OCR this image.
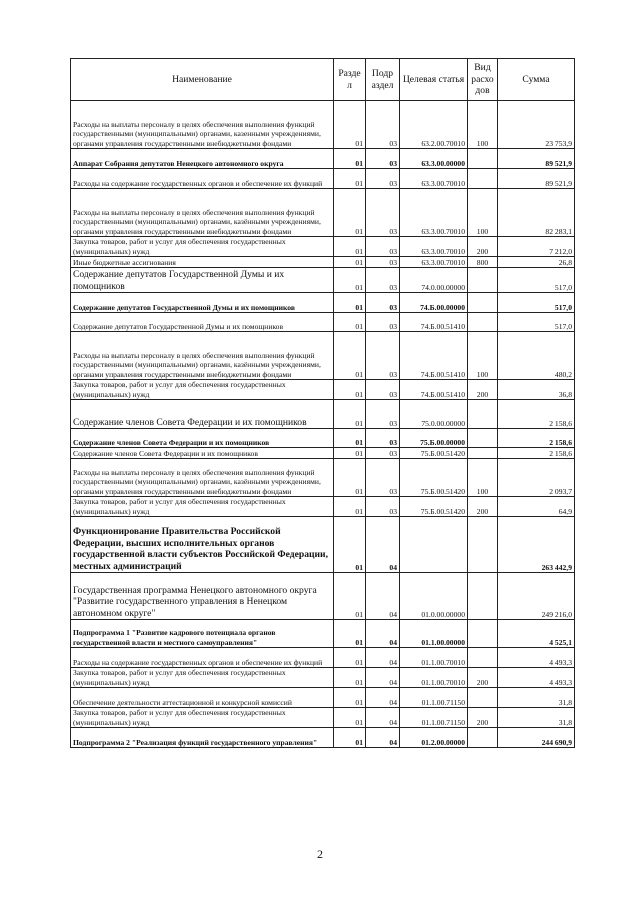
Наименование	Разде л	Подр аздел	Целевая статья	Вид расхо дов	Сумма
Расходы на выплаты персоналу в целях обеспечения выполнения функций государственными (муниципальными) органами, казенными учреждениями, органами управления государственными внебюджетными фондами	01	03	63.2.00.70010	100	23 753,9
Аппарат Собрания депутатов Ненецкого автономного округа	01	03	63.3.00.00000		89 521,9
Расходы на содержание государственных органов и обеспечение их функций	01	03	63.3.00.70010		89 521,9
Расходы на выплаты персоналу в целях обеспечения выполнения функций государственными (муниципальными) органами, казёнными учреждениями, органами управления государственными внебюджетными фондами	01	03	63.3.00.70010	100	82 283,1
Закупка товаров, работ и услуг для обеспечения государственных (муниципальных) нужд	01	03	63.3.00.70010	200	7 212,0
Иные бюджетные ассигнования	01	03	63.3.00.70010	800	26,8
Содержание депутатов Государственной Думы и их помощников	01	03	74.0.00.00000		517,0
Содержание депутатов Государственной Думы и их помощников	01	03	74.Б.00.00000		517,0
Содержание депутатов Государственной Думы и их помощников	01	03	74.Б.00.51410		517,0
Расходы на выплаты персоналу в целях обеспечения выполнения функций государственными (муниципальными) органами, казёнными учреждениями, органами управления государственными внебюджетными фондами	01	03	74.Б.00.51410	100	480,2
Закупка товаров, работ и услуг для обеспечения государственных (муниципальных) нужд	01	03	74.Б.00.51410	200	36,8
Содержание членов Совета Федерации и их помощников	01	03	75.0.00.00000		2 158,6
Содержание членов Совета Федерации и их помощников	01	03	75.Б.00.00000		2 158,6
Содержание членов Совета Федерации и их помощников	01	03	75.Б.00.51420		2 158,6
Расходы на выплаты персоналу в целях обеспечения выполнения функций государственными (муниципальными) органами, казёнными учреждениями, органами управления государственными внебюджетными фондами	01	03	75.Б.00.51420	100	2 093,7
Закупка товаров, работ и услуг для обеспечения государственных (муниципальных) нужд	01	03	75.Б.00.51420	200	64,9
Функционирование Правительства Российской Федерации, высших исполнительных органов государственной власти субъектов Российской Федерации, местных администраций	01	04			263 442,9
Государственная программа Ненецкого автономного округа "Развитие государственного управления в Ненецком автономном округе"	01	04	01.0.00.00000		249 216,0
Подпрограмма 1 "Развитие кадрового потенциала органов государственной власти и местного самоуправления"	01	04	01.1.00.00000		4 525,1
Расходы на содержание государственных органов и обеспечение их функций	01	04	01.1.00.70010		4 493,3
Закупка товаров, работ и услуг для обеспечения государственных (муниципальных) нужд	01	04	01.1.00.70010	200	4 493,3
Обеспечение деятельности аттестационной и конкурсной комиссий	01	04	01.1.00.71150		31,8
Закупка товаров, работ и услуг для обеспечения государственных (муниципальных) нужд	01	04	01.1.00.71150	200	31,8
Подпрограмма 2 "Реализация функций государственного управления"	01	04	01.2.00.00000		244 690,9
2
